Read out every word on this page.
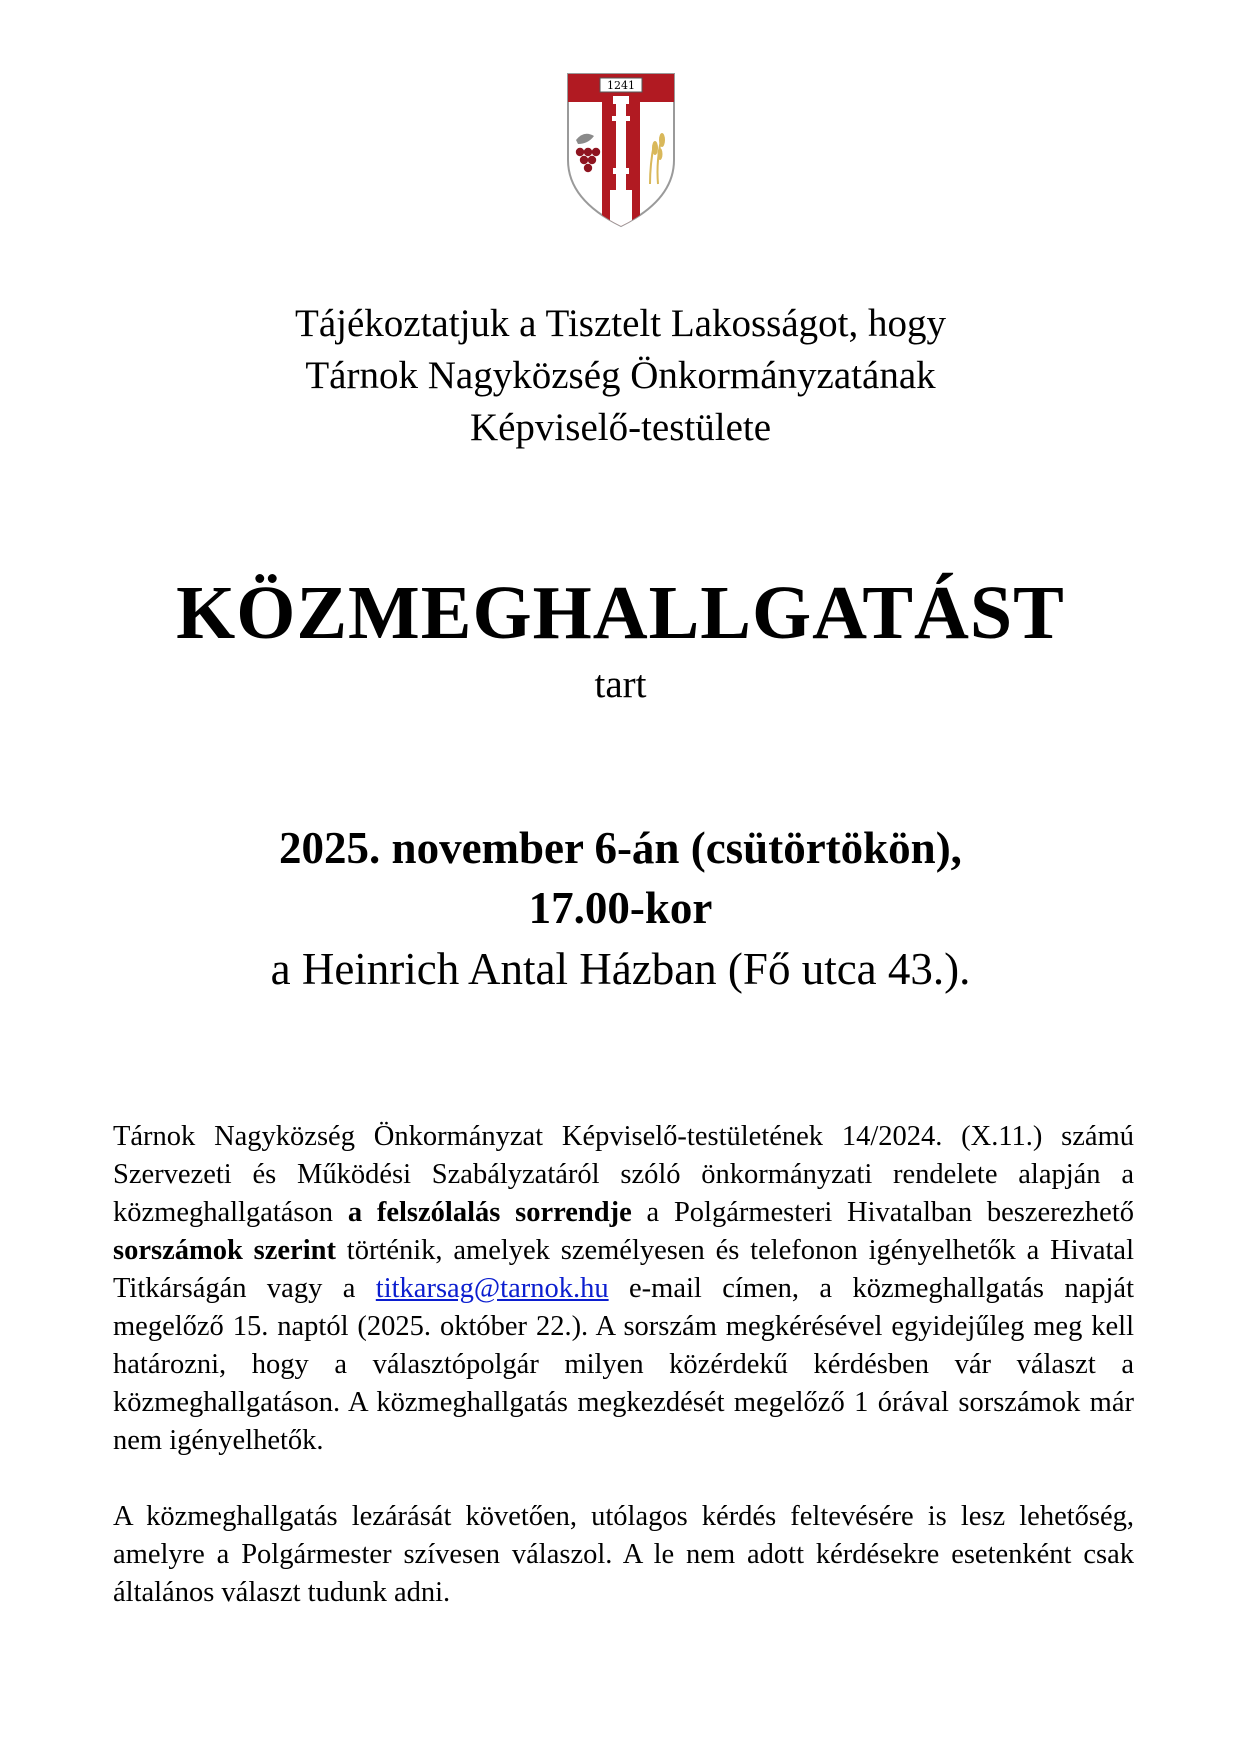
1241
Tájékoztatjuk a Tisztelt Lakosságot, hogy
Tárnok Nagyközség Önkormányzatának
Képviselő-testülete
KÖZMEGHALLGATÁST
tart
2025. november 6-án (csütörtökön),
17.00-kor
a Heinrich Antal Házban (Fő utca 43.).

Tárnok Nagyközség Önkormányzat Képviselő-testületének 14/2024. (X.11.) számú Szervezeti és Működési Szabályzatáról szóló önkormányzati rendelete alapján a közmeghallgatáson a felszólalás sorrendje a Polgármesteri Hivatalban beszerezhető sorszámok szerint történik, amelyek személyesen és telefonon igényelhetők a Hivatal Titkárságán vagy a titkarsag@tarnok.hu e-mail címen, a közmeghallgatás napját megelőző 15. naptól (2025. október 22.). A sorszám megkérésével egyidejűleg meg kell határozni, hogy a választópolgár milyen közérdekű kérdésben vár választ a közmeghallgatáson. A közmeghallgatás megkezdését megelőző 1 órával sorszámok már nem igényelhetők.

A közmeghallgatás lezárását követően, utólagos kérdés feltevésére is lesz lehetőség, amelyre a Polgármester szívesen válaszol. A le nem adott kérdésekre esetenként csak általános választ tudunk adni.
